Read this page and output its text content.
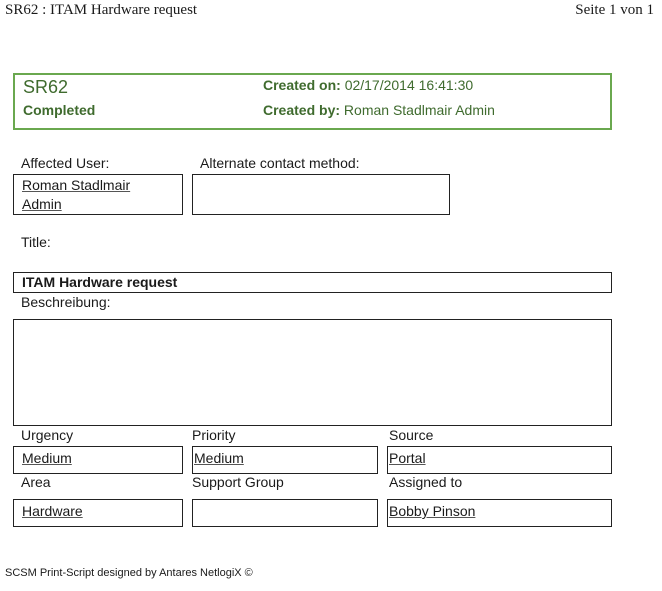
SR62 : ITAM Hardware request	Seite 1 von 1
SR62
Completed
Created on: 02/17/2014 16:41:30
Created by: Roman Stadlmair Admin
Affected User:
Roman Stadlmair
Admin
Alternate contact method:
Title:
ITAM Hardware request
Beschreibung:
Urgency
Medium
Priority
Medium
Source
Portal
Area
Hardware
Support Group	Assigned to
Bobby Pinson
SCSM Print-Script designed by Antares NetlogiX ©
